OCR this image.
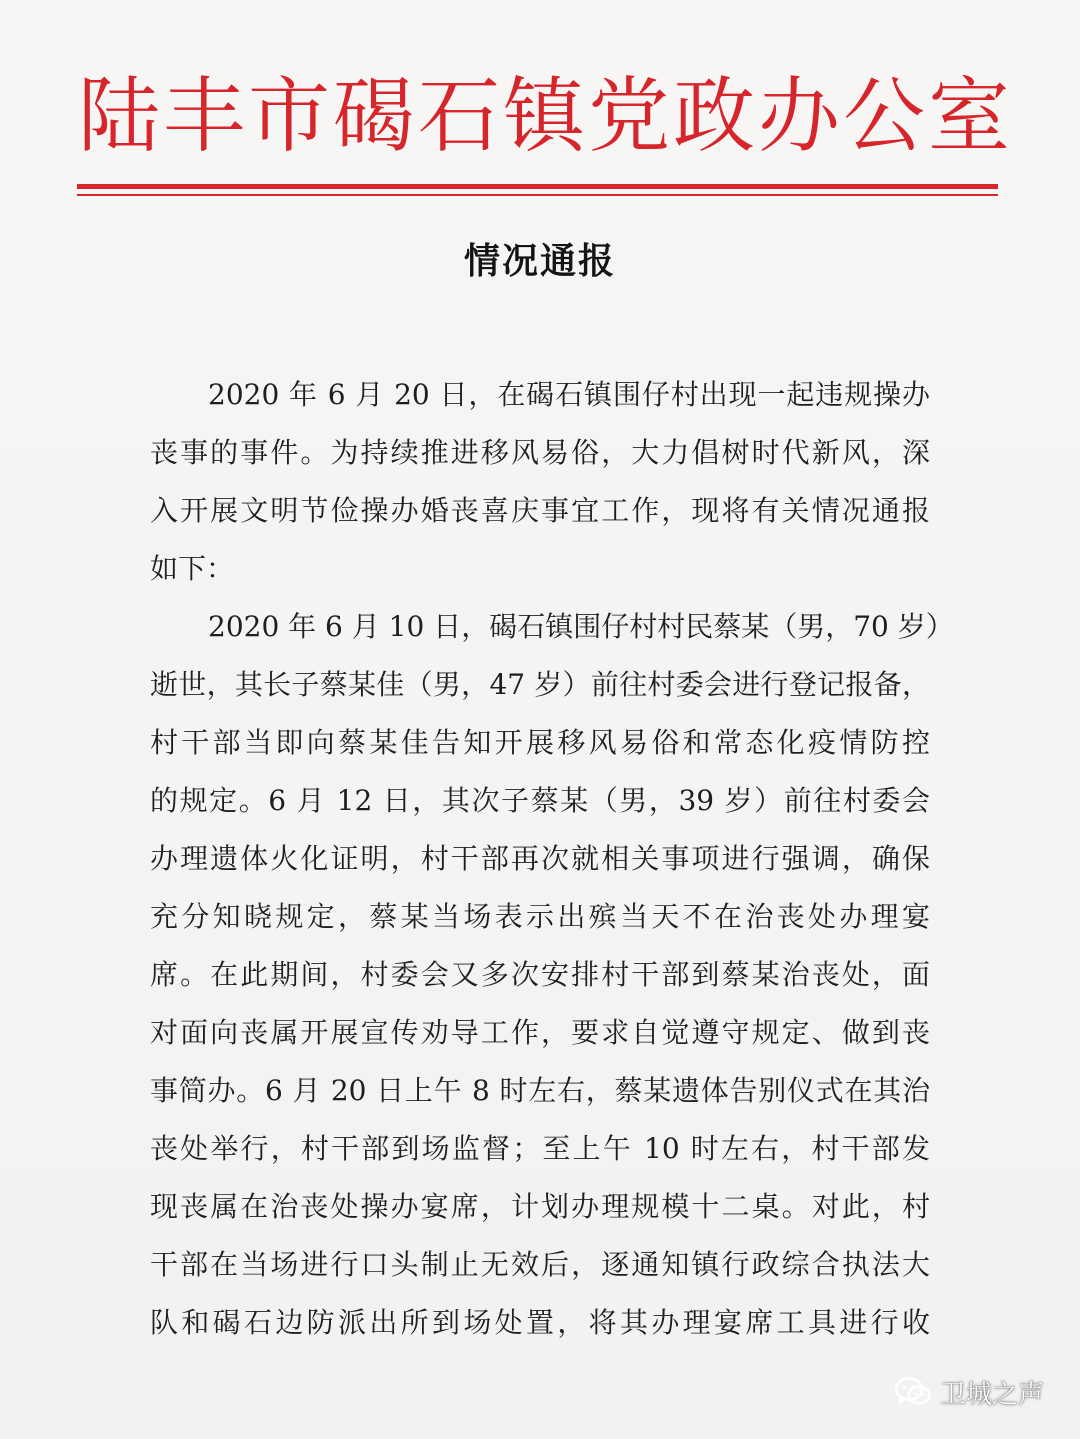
陆丰市碣石镇党政办公室
情况通报
2020 年 6 月 20 日，在碣石镇围仔村出现一起违规操办
丧事的事件。为持续推进移风易俗，大力倡树时代新风，深
入开展文明节俭操办婚丧喜庆事宜工作，现将有关情况通报
如下：
2020 年 6 月 10 日，碣石镇围仔村村民蔡某（男，70 岁）
逝世，其长子蔡某佳（男，47 岁）前往村委会进行登记报备，
村干部当即向蔡某佳告知开展移风易俗和常态化疫情防控
的规定。6 月 12 日，其次子蔡某（男，39 岁）前往村委会
办理遗体火化证明，村干部再次就相关事项进行强调，确保
充分知晓规定，蔡某当场表示出殡当天不在治丧处办理宴
席。在此期间，村委会又多次安排村干部到蔡某治丧处，面
对面向丧属开展宣传劝导工作，要求自觉遵守规定、做到丧
事简办。6 月 20 日上午 8 时左右，蔡某遗体告别仪式在其治
丧处举行，村干部到场监督；至上午 10 时左右，村干部发
现丧属在治丧处操办宴席，计划办理规模十二桌。对此，村
干部在当场进行口头制止无效后，逐通知镇行政综合执法大
队和碣石边防派出所到场处置，将其办理宴席工具进行收
卫城之声
